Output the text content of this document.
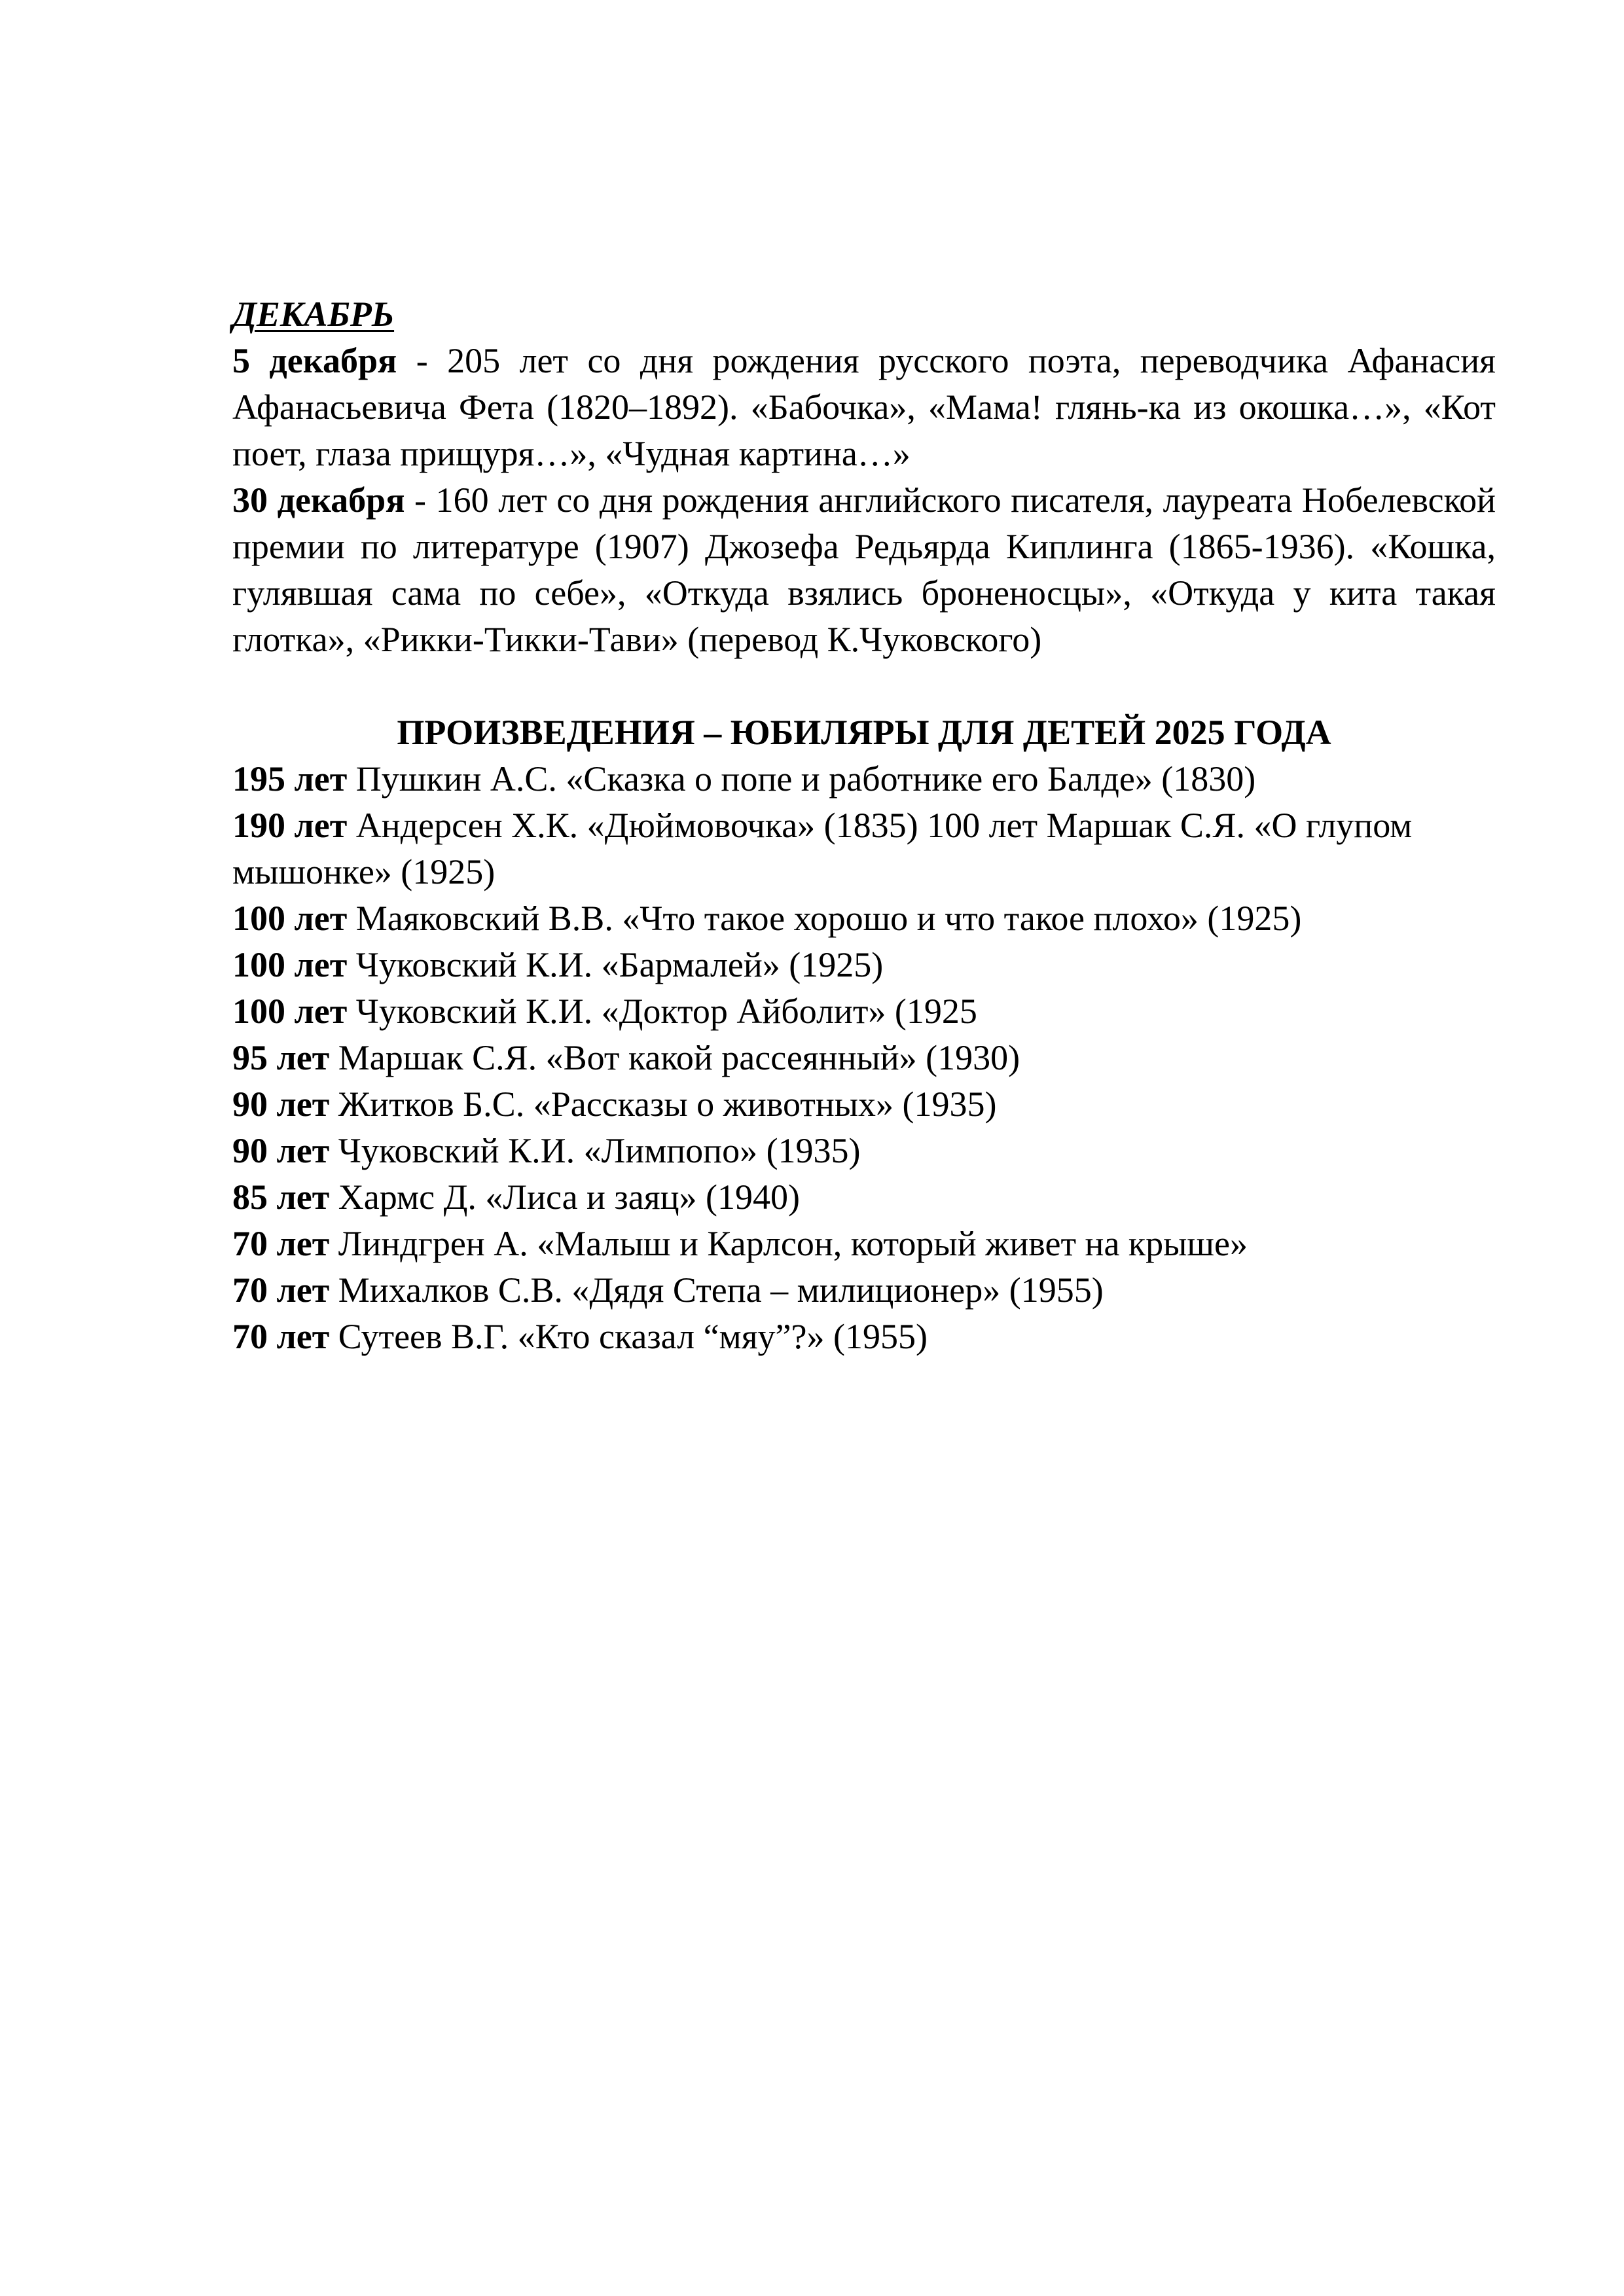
ДЕКАБРЬ
5 декабря - 205 лет со дня рождения русского поэта, переводчика Афанасия Афанасьевича Фета (1820–1892). «Бабочка», «Мама! глянь-ка из окошка…», «Кот поет, глаза прищуря…», «Чудная картина…»
30 декабря - 160 лет со дня рождения английского писателя, лауреата Нобелевской премии по литературе (1907) Джозефа Редьярда Киплинга (1865-1936). «Кошка, гулявшая сама по себе», «Откуда взялись броненосцы», «Откуда у кита такая глотка», «Рикки-Тикки-Тави» (перевод К.Чуковского)
ПРОИЗВЕДЕНИЯ – ЮБИЛЯРЫ ДЛЯ ДЕТЕЙ 2025 ГОДА
195 лет Пушкин А.С. «Сказка о попе и работнике его Балде» (1830)
190 лет Андерсен Х.К. «Дюймовочка» (1835) 100 лет Маршак С.Я. «О глупом мышонке» (1925)
100 лет Маяковский В.В. «Что такое хорошо и что такое плохо» (1925)
100 лет Чуковский К.И. «Бармалей» (1925)
100 лет Чуковский К.И. «Доктор Айболит» (1925
95 лет Маршак С.Я. «Вот какой рассеянный» (1930)
90 лет Житков Б.С. «Рассказы о животных» (1935)
90 лет Чуковский К.И. «Лимпопо» (1935)
85 лет Хармс Д. «Лиса и заяц» (1940)
70 лет Линдгрен А. «Малыш и Карлсон, который живет на крыше»
70 лет Михалков С.В. «Дядя Степа – милиционер» (1955)
70 лет Сутеев В.Г. «Кто сказал “мяу”?» (1955)
